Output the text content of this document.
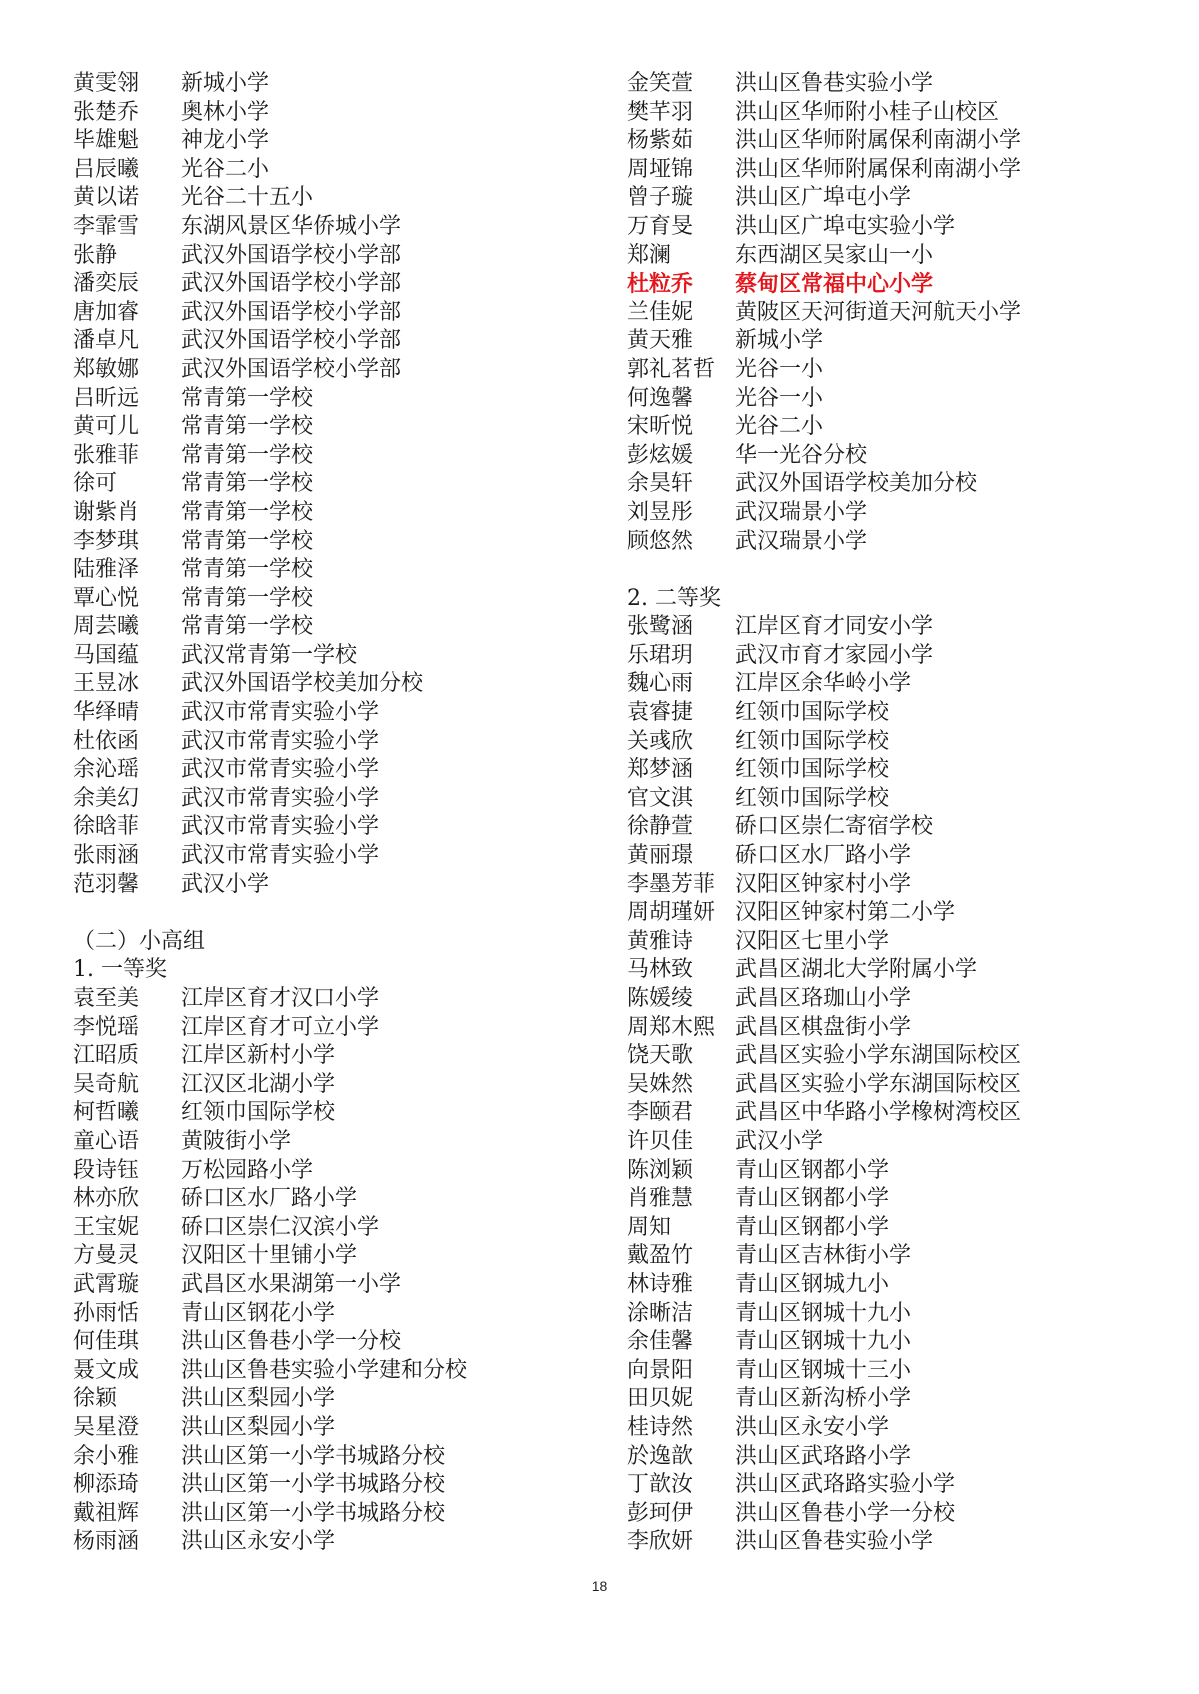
黄雯翎	新城小学
张楚乔	奥林小学
毕雄魁	神龙小学
吕辰曦	光谷二小
黄以诺	光谷二十五小
李霏雪	东湖风景区华侨城小学
张静	武汉外国语学校小学部
潘奕辰	武汉外国语学校小学部
唐加睿	武汉外国语学校小学部
潘卓凡	武汉外国语学校小学部
郑敏娜	武汉外国语学校小学部
吕昕远	常青第一学校
黄可儿	常青第一学校
张雅菲	常青第一学校
徐可	常青第一学校
谢紫肖	常青第一学校
李梦琪	常青第一学校
陆雅泽	常青第一学校
覃心悦	常青第一学校
周芸曦	常青第一学校
马国蕴	武汉常青第一学校
王昱冰	武汉外国语学校美加分校
华绎晴	武汉市常青实验小学
杜依函	武汉市常青实验小学
余沁瑶	武汉市常青实验小学
余美幻	武汉市常青实验小学
徐晗菲	武汉市常青实验小学
张雨涵	武汉市常青实验小学
范羽馨	武汉小学
（二）小高组
1. 一等奖
袁至美	江岸区育才汉口小学
李悦瑶	江岸区育才可立小学
江昭质	江岸区新村小学
吴奇航	江汉区北湖小学
柯哲曦	红领巾国际学校
童心语	黄陂街小学
段诗钰	万松园路小学
林亦欣	硚口区水厂路小学
王宝妮	硚口区崇仁汉滨小学
方曼灵	汉阳区十里铺小学
武霄璇	武昌区水果湖第一小学
孙雨恬	青山区钢花小学
何佳琪	洪山区鲁巷小学一分校
聂文成	洪山区鲁巷实验小学建和分校
徐颖	洪山区梨园小学
吴星澄	洪山区梨园小学
余小雅	洪山区第一小学书城路分校
柳添琦	洪山区第一小学书城路分校
戴祖辉	洪山区第一小学书城路分校
杨雨涵	洪山区永安小学
金笑萱	洪山区鲁巷实验小学
樊芊羽	洪山区华师附小桂子山校区
杨紫茹	洪山区华师附属保利南湖小学
周垭锦	洪山区华师附属保利南湖小学
曾子璇	洪山区广埠屯小学
万育旻	洪山区广埠屯实验小学
郑澜	东西湖区吴家山一小
杜粒乔	蔡甸区常福中心小学
兰佳妮	黄陂区天河街道天河航天小学
黄天雅	新城小学
郭礼茗哲 光谷一小
何逸馨	光谷一小
宋昕悦	光谷二小
彭炫媛	华一光谷分校
余昊轩	武汉外国语学校美加分校
刘昱彤	武汉瑞景小学
顾悠然	武汉瑞景小学
2. 二等奖
张鹭涵	江岸区育才同安小学
乐珺玥	武汉市育才家园小学
魏心雨	江岸区余华岭小学
袁睿捷	红领巾国际学校
关彧欣	红领巾国际学校
郑梦涵	红领巾国际学校
官文淇	红领巾国际学校
徐静萱	硚口区崇仁寄宿学校
黄丽璟	硚口区水厂路小学
李墨芳菲 汉阳区钟家村小学
周胡瑾妍 汉阳区钟家村第二小学
黄雅诗	汉阳区七里小学
马林致	武昌区湖北大学附属小学
陈媛绫	武昌区珞珈山小学
周郑木熙 武昌区棋盘街小学
饶天歌	武昌区实验小学东湖国际校区
吴姝然	武昌区实验小学东湖国际校区
李颐君	武昌区中华路小学橡树湾校区
许贝佳	武汉小学
陈浏颖	青山区钢都小学
肖雅慧	青山区钢都小学
周知	青山区钢都小学
戴盈竹	青山区吉林街小学
林诗雅	青山区钢城九小
涂晰洁	青山区钢城十九小
余佳馨	青山区钢城十九小
向景阳	青山区钢城十三小
田贝妮	青山区新沟桥小学
桂诗然	洪山区永安小学
於逸歆	洪山区武珞路小学
丁歆汝	洪山区武珞路实验小学
彭珂伊	洪山区鲁巷小学一分校
李欣妍	洪山区鲁巷实验小学
18
